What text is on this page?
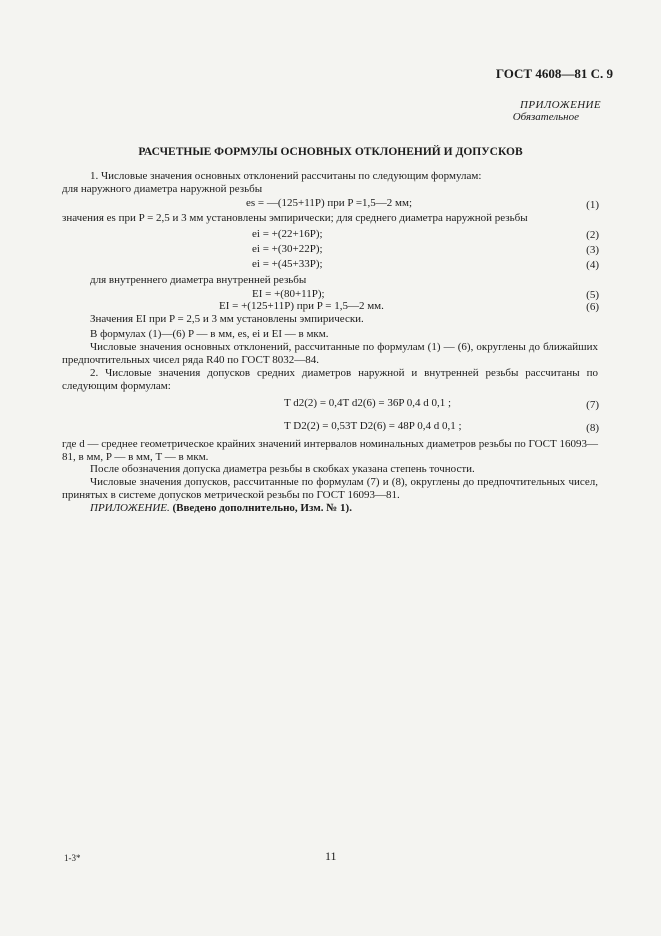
ГОСТ 4608—81 С. 9
ПРИЛОЖЕНИЕ
Обязательное
РАСЧЕТНЫЕ ФОРМУЛЫ ОСНОВНЫХ ОТКЛОНЕНИЙ И ДОПУСКОВ
1. Числовые значения основных отклонений рассчитаны по следующим формулам:
для наружного диаметра наружной резьбы
es = —(125+11P) при P =1,5—2 мм;	(1)
значения es при P = 2,5 и 3 мм установлены эмпирически; для среднего диаметра наружной резьбы
ei = +(22+16P);	(2)
ei = +(30+22P);	(3)
ei = +(45+33P);	(4)
для внутреннего диаметра внутренней резьбы
EI = +(80+11P);	(5)
EI = +(125+11P) при P = 1,5—2 мм.	(6)
Значения EI при P = 2,5 и 3 мм установлены эмпирически.
В формулах (1)—(6) P — в мм, es, ei и EI — в мкм.
Числовые значения основных отклонений, рассчитанные по формулам (1) — (6), округлены до ближайших предпочтительных чисел ряда R40 по ГОСТ 8032—84.
2. Числовые значения допусков средних диаметров наружной и внутренней резьбы рассчитаны по следующим формулам:
T d2(2) = 0,4T d2(6) = 36P 0,4 d 0,1 ;	(7)
T D2(2) = 0,53T D2(6) = 48P 0,4 d 0,1 ;	(8)
где d — среднее геометрическое крайних значений интервалов номинальных диаметров резьбы по ГОСТ 16093—81, в мм, P — в мм, T — в мкм.
После обозначения допуска диаметра резьбы в скобках указана степень точности.
Числовые значения допусков, рассчитанные по формулам (7) и (8), округлены до предпочтительных чисел, принятых в системе допусков метрической резьбы по ГОСТ 16093—81.
ПРИЛОЖЕНИЕ. (Введено дополнительно, Изм. № 1).
1-3*	11
